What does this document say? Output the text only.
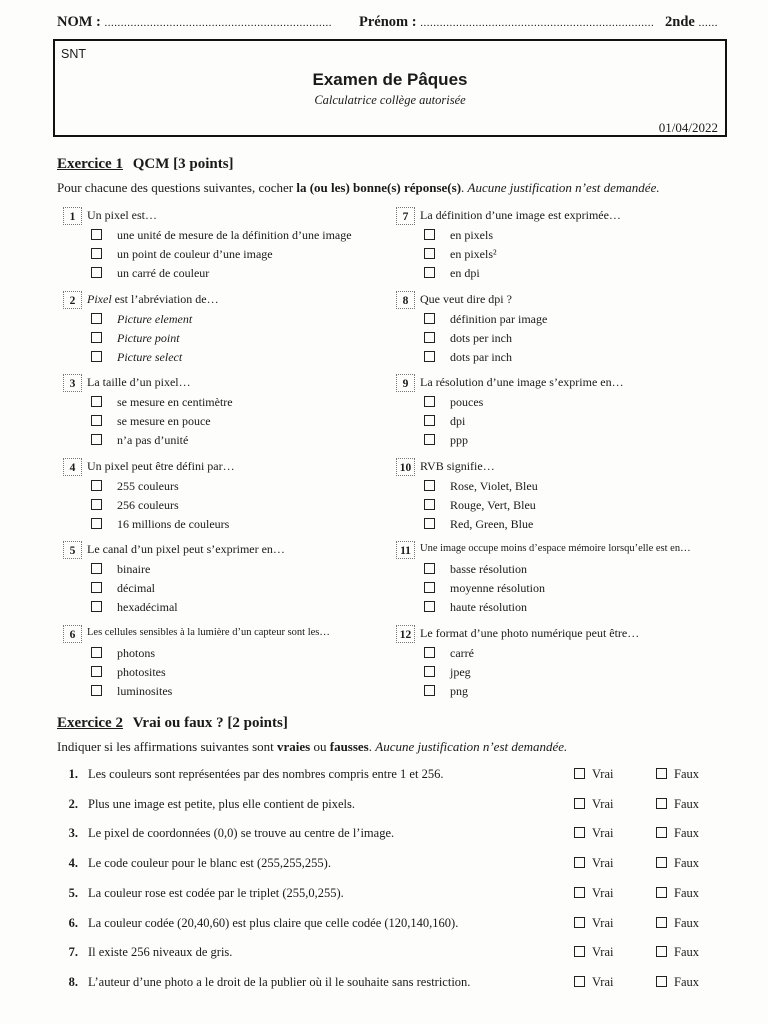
NOM : ...................................................................... Prénom : ........................................................................ 2nde ......
SNT
Examen de Pâques
Calculatrice collège autorisée
01/04/2022
Exercice 1 QCM [3 points]
Pour chacune des questions suivantes, cocher la (ou les) bonne(s) réponse(s). Aucune justification n’est demandée.
1 Un pixel est…
une unité de mesure de la définition d’une image
un point de couleur d’une image
un carré de couleur
2 Pixel est l’abréviation de…
Picture element
Picture point
Picture select
3 La taille d’un pixel…
se mesure en centimètre
se mesure en pouce
n’a pas d’unité
4 Un pixel peut être défini par…
255 couleurs
256 couleurs
16 millions de couleurs
5 Le canal d’un pixel peut s’exprimer en…
binaire
décimal
hexadécimal
6	Les cellules sensibles à la lumière d’un capteur sont les…
photons
photosites
luminosites
7 La définition d’une image est exprimée…
en pixels
en pixels²
en dpi
8 Que veut dire dpi ?
définition par image
dots per inch
dots par inch
9 La résolution d’une image s’exprime en…
pouces
dpi
ppp
10 RVB signifie…
Rose, Violet, Bleu
Rouge, Vert, Bleu
Red, Green, Blue
11 Une image occupe moins d’espace mémoire lorsqu’elle est en…
basse résolution
moyenne résolution
haute résolution
12 Le format d’une photo numérique peut être…
carré
jpeg
png
Exercice 2 Vrai ou faux ? [2 points]
Indiquer si les affirmations suivantes sont vraies ou fausses. Aucune justification n’est demandée.
1. Les couleurs sont représentées par des nombres compris entre 1 et 256.	Vrai	Faux
2. Plus une image est petite, plus elle contient de pixels.	Vrai	Faux
3. Le pixel de coordonnées (0,0) se trouve au centre de l’image.	Vrai	Faux
4. Le code couleur pour le blanc est (255,255,255).	Vrai	Faux
5. La couleur rose est codée par le triplet (255,0,255).	Vrai	Faux
6. La couleur codée (20,40,60) est plus claire que celle codée (120,140,160).	Vrai	Faux
7. Il existe 256 niveaux de gris.	Vrai	Faux
8. L’auteur d’une photo a le droit de la publier où il le souhaite sans restriction.	Vrai	Faux
